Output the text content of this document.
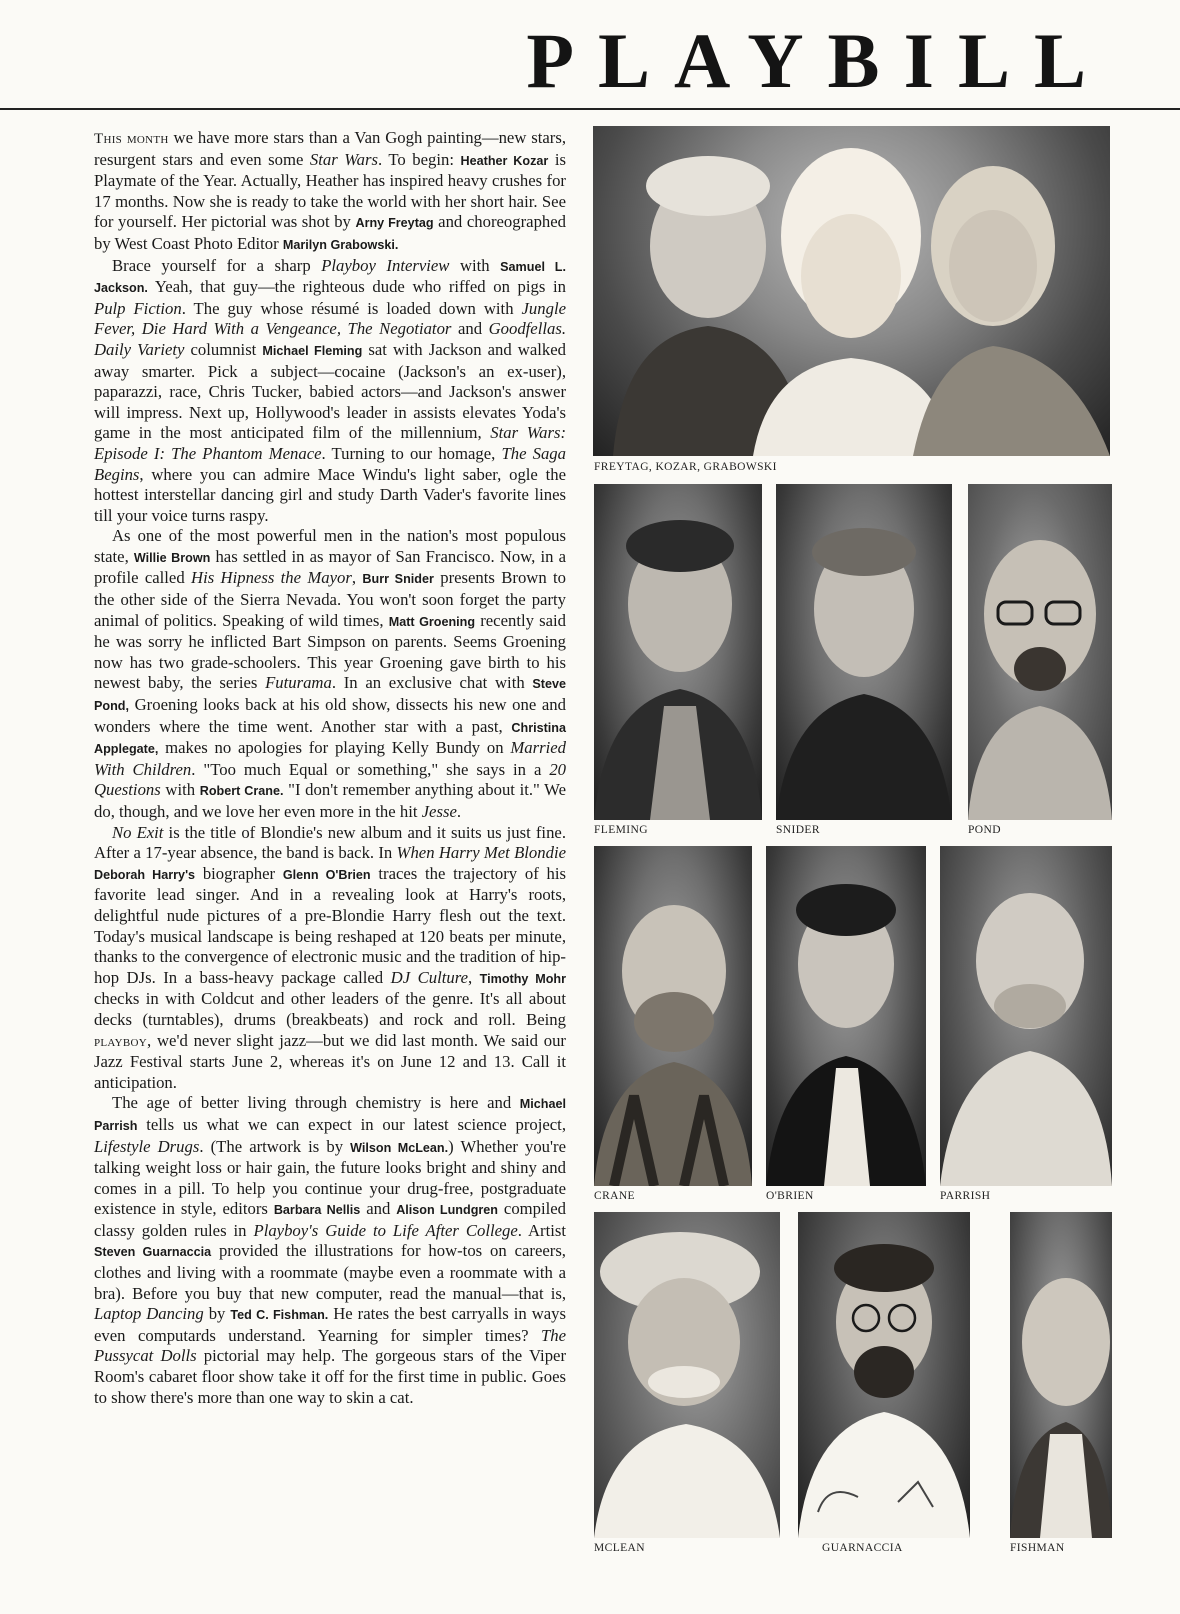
PLAYBILL

This month we have more stars than a Van Gogh painting—new stars, resurgent stars and even some Star Wars. To begin: Heather Kozar is Playmate of the Year. Actually, Heather has inspired heavy crushes for 17 months. Now she is ready to take the world with her short hair. See for yourself. Her pictorial was shot by Arny Freytag and choreographed by West Coast Photo Editor Marilyn Grabowski.

Brace yourself for a sharp Playboy Interview with Samuel L. Jackson. Yeah, that guy—the righteous dude who riffed on pigs in Pulp Fiction. The guy whose résumé is loaded down with Jungle Fever, Die Hard With a Vengeance, The Negotiator and Goodfellas. Daily Variety columnist Michael Fleming sat with Jackson and walked away smarter. Pick a subject—cocaine (Jackson's an ex-user), paparazzi, race, Chris Tucker, babied actors—and Jackson's answer will impress. Next up, Hollywood's leader in assists elevates Yoda's game in the most anticipated film of the millennium, Star Wars: Episode I: The Phantom Menace. Turning to our homage, The Saga Begins, where you can admire Mace Windu's light saber, ogle the hottest interstellar dancing girl and study Darth Vader's favorite lines till your voice turns raspy.

As one of the most powerful men in the nation's most populous state, Willie Brown has settled in as mayor of San Francisco. Now, in a profile called His Hipness the Mayor, Burr Snider presents Brown to the other side of the Sierra Nevada. You won't soon forget the party animal of politics. Speaking of wild times, Matt Groening recently said he was sorry he inflicted Bart Simpson on parents. Seems Groening now has two grade-schoolers. This year Groening gave birth to his newest baby, the series Futurama. In an exclusive chat with Steve Pond, Groening looks back at his old show, dissects his new one and wonders where the time went. Another star with a past, Christina Applegate, makes no apologies for playing Kelly Bundy on Married With Children. "Too much Equal or something," she says in a 20 Questions with Robert Crane. "I don't remember anything about it." We do, though, and we love her even more in the hit Jesse.

No Exit is the title of Blondie's new album and it suits us just fine. After a 17-year absence, the band is back. In When Harry Met Blondie Deborah Harry's biographer Glenn O'Brien traces the trajectory of his favorite lead singer. And in a revealing look at Harry's roots, delightful nude pictures of a pre-Blondie Harry flesh out the text. Today's musical landscape is being reshaped at 120 beats per minute, thanks to the convergence of electronic music and the tradition of hip-hop DJs. In a bass-heavy package called DJ Culture, Timothy Mohr checks in with Coldcut and other leaders of the genre. It's all about decks (turntables), drums (breakbeats) and rock and roll. Being playboy, we'd never slight jazz—but we did last month. We said our Jazz Festival starts June 2, whereas it's on June 12 and 13. Call it anticipation.

The age of better living through chemistry is here and Michael Parrish tells us what we can expect in our latest science project, Lifestyle Drugs. (The artwork is by Wilson McLean.) Whether you're talking weight loss or hair gain, the future looks bright and shiny and comes in a pill. To help you continue your drug-free, postgraduate existence in style, editors Barbara Nellis and Alison Lundgren compiled classy golden rules in Playboy's Guide to Life After College. Artist Steven Guarnaccia provided the illustrations for how-tos on careers, clothes and living with a roommate (maybe even a roommate with a bra). Before you buy that new computer, read the manual—that is, Laptop Dancing by Ted C. Fishman. He rates the best carryalls in ways even computards understand. Yearning for simpler times? The Pussycat Dolls pictorial may help. The gorgeous stars of the Viper Room's cabaret floor show take it off for the first time in public. Goes to show there's more than one way to skin a cat.

FREYTAG, KOZAR, GRABOWSKI
FLEMING	SNIDER	POND
CRANE	O'BRIEN	PARRISH
MCLEAN	GUARNACCIA	FISHMAN
